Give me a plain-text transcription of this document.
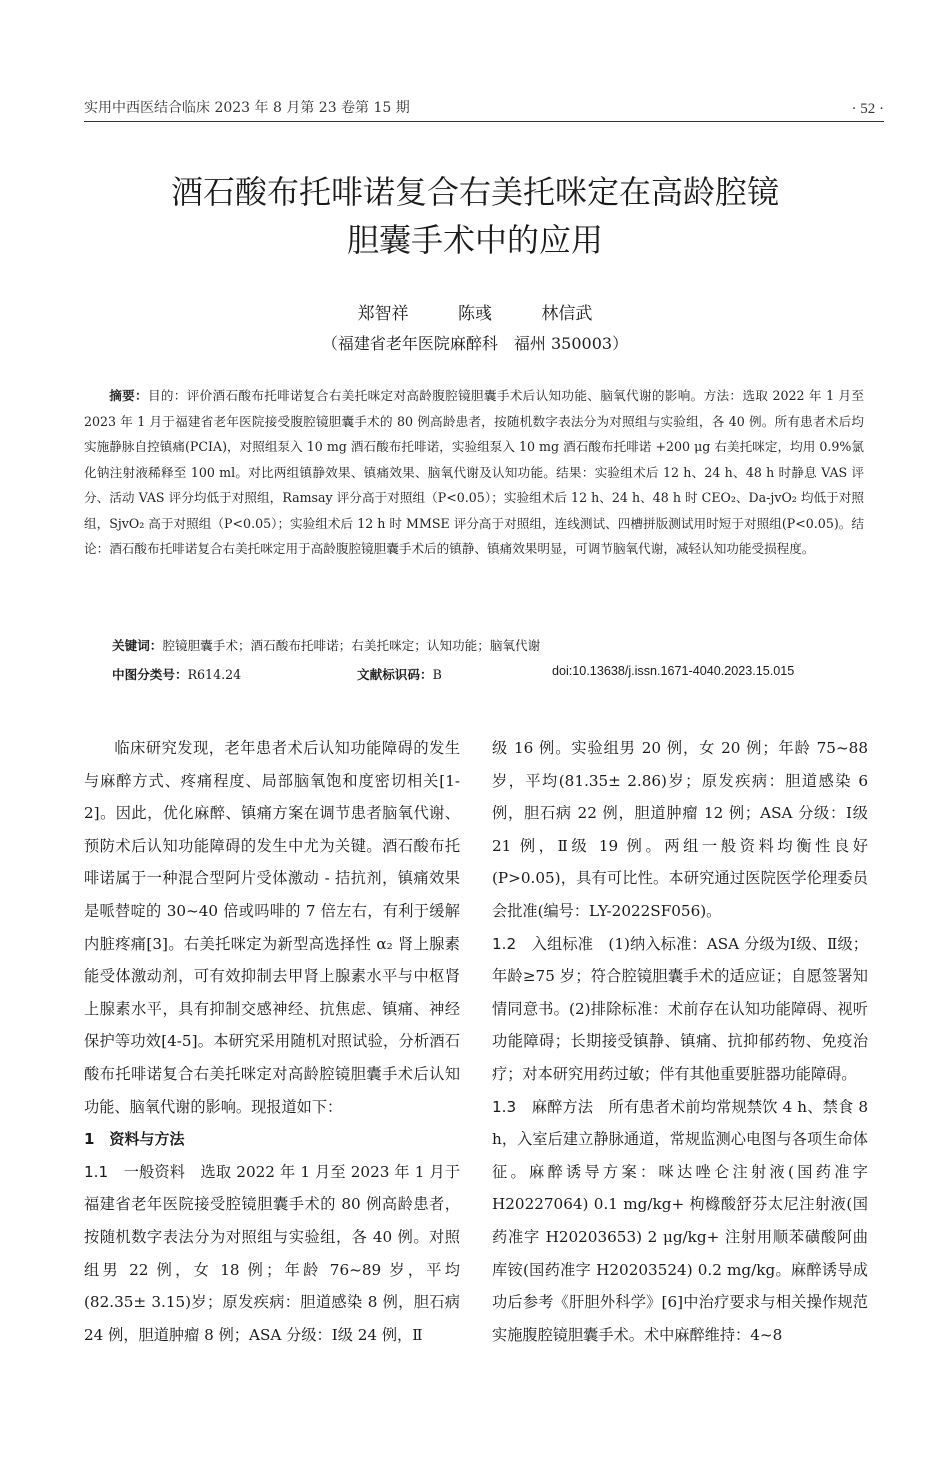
实用中西医结合临床 2023 年 8 月第 23 卷第 15 期	· 52 ·
酒石酸布托啡诺复合右美托咪定在高龄腔镜
胆囊手术中的应用
郑智祥	陈彧	林信武
（福建省老年医院麻醉科　福州 350003）

摘要：目的：评价酒石酸布托啡诺复合右美托咪定对高龄腹腔镜胆囊手术后认知功能、脑氧代谢的影响。方法：选取 2022 年 1 月至 2023 年 1 月于福建省老年医院接受腹腔镜胆囊手术的 80 例高龄患者，按随机数字表法分为对照组与实验组，各 40 例。所有患者术后均实施静脉自控镇痛(PCIA)，对照组泵入 10 mg 酒石酸布托啡诺，实验组泵入 10 mg 酒石酸布托啡诺 +200 μg 右美托咪定，均用 0.9%氯化钠注射液稀释至 100 ml。对比两组镇静效果、镇痛效果、脑氧代谢及认知功能。结果：实验组术后 12 h、24 h、48 h 时静息 VAS 评分、活动 VAS 评分均低于对照组，Ramsay 评分高于对照组（P<0.05）；实验组术后 12 h、24 h、48 h 时 CEO₂、Da-jvO₂ 均低于对照组，SjvO₂ 高于对照组（P<0.05）；实验组术后 12 h 时 MMSE 评分高于对照组，连线测试、四槽拼版测试用时短于对照组(P<0.05)。结论：酒石酸布托啡诺复合右美托咪定用于高龄腹腔镜胆囊手术后的镇静、镇痛效果明显，可调节脑氧代谢，减轻认知功能受损程度。

关键词：腔镜胆囊手术；酒石酸布托啡诺；右美托咪定；认知功能；脑氧代谢
中图分类号：R614.24	文献标识码：B	doi:10.13638/j.issn.1671-4040.2023.15.015

临床研究发现，老年患者术后认知功能障碍的发生与麻醉方式、疼痛程度、局部脑氧饱和度密切相关[1-2]。因此，优化麻醉、镇痛方案在调节患者脑氧代谢、预防术后认知功能障碍的发生中尤为关键。酒石酸布托啡诺属于一种混合型阿片受体激动 - 拮抗剂，镇痛效果是哌替啶的 30~40 倍或吗啡的 7 倍左右，有利于缓解内脏疼痛[3]。右美托咪定为新型高选择性 α₂ 肾上腺素能受体激动剂，可有效抑制去甲肾上腺素水平与中枢肾上腺素水平，具有抑制交感神经、抗焦虑、镇痛、神经保护等功效[4-5]。本研究采用随机对照试验，分析酒石酸布托啡诺复合右美托咪定对高龄腔镜胆囊手术后认知功能、脑氧代谢的影响。现报道如下：

1　资料与方法

1.1　一般资料　选取 2022 年 1 月至 2023 年 1 月于福建省老年医院接受腔镜胆囊手术的 80 例高龄患者，按随机数字表法分为对照组与实验组，各 40 例。对照组男 22 例，女 18 例；年龄 76~89 岁，平均(82.35± 3.15)岁；原发疾病：胆道感染 8 例，胆石病 24 例，胆道肿瘤 8 例；ASA 分级：Ⅰ级 24 例，Ⅱ

级 16 例。实验组男 20 例，女 20 例；年龄 75~88 岁，平均(81.35± 2.86)岁；原发疾病：胆道感染 6 例，胆石病 22 例，胆道肿瘤 12 例；ASA 分级：Ⅰ级 21 例，Ⅱ级 19 例。两组一般资料均衡性良好(P>0.05)，具有可比性。本研究通过医院医学伦理委员会批准(编号：LY-2022SF056)。

1.2　入组标准　(1)纳入标准：ASA 分级为Ⅰ级、Ⅱ级；年龄≥75 岁；符合腔镜胆囊手术的适应证；自愿签署知情同意书。(2)排除标准：术前存在认知功能障碍、视听功能障碍；长期接受镇静、镇痛、抗抑郁药物、免疫治疗；对本研究用药过敏；伴有其他重要脏器功能障碍。

1.3　麻醉方法　所有患者术前均常规禁饮 4 h、禁食 8 h，入室后建立静脉通道，常规监测心电图与各项生命体征。麻醉诱导方案：咪达唑仑注射液(国药准字 H20227064) 0.1 mg/kg+ 枸橼酸舒芬太尼注射液(国药准字 H20203653) 2 μg/kg+ 注射用顺苯磺酸阿曲库铵(国药准字 H20203524) 0.2 mg/kg。麻醉诱导成功后参考《肝胆外科学》[6]中治疗要求与相关操作规范实施腹腔镜胆囊手术。术中麻醉维持：4~8
